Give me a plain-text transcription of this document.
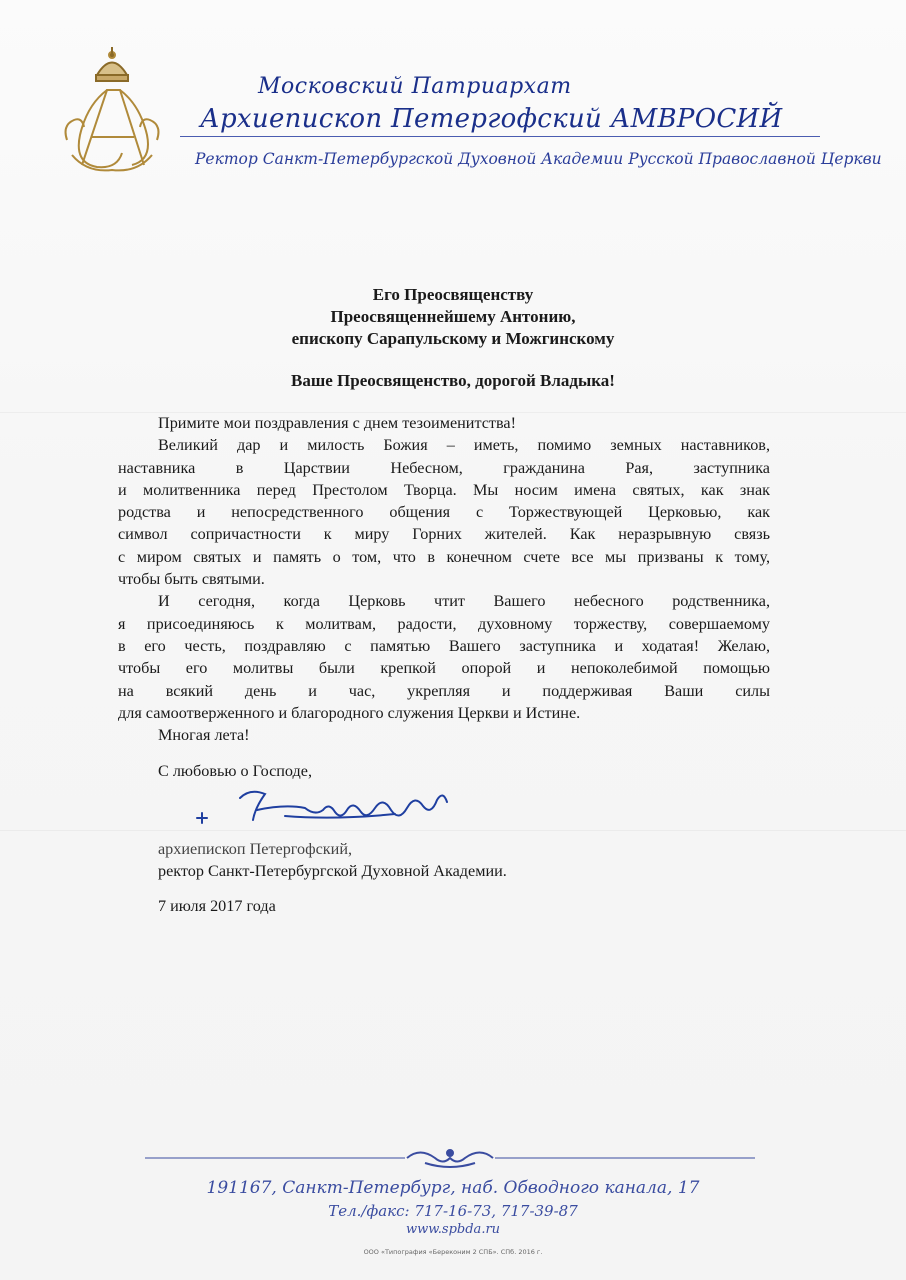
Московский Патриархат
Архиепископ Петергофский АМВРОСИЙ
Ректор Санкт-Петербургской Духовной Академии Русской Православной Церкви
Его Преосвященству
Преосвященнейшему Антонию,
епископу Сарапульскому и Можгинскому
Ваше Преосвященство, дорогой Владыка!
Примите мои поздравления с днем тезоименитства!
Великий дар и милость Божия – иметь, помимо земных наставников,
наставника в Царствии Небесном, гражданина Рая, заступника
и молитвенника перед Престолом Творца. Мы носим имена святых, как знак
родства и непосредственного общения с Торжествующей Церковью, как
символ сопричастности к миру Горних жителей. Как неразрывную связь
с миром святых и память о том, что в конечном счете все мы призваны к тому,
чтобы быть святыми.
И сегодня, когда Церковь чтит Вашего небесного родственника,
я присоединяюсь к молитвам, радости, духовному торжеству, совершаемому
в его честь, поздравляю с памятью Вашего заступника и ходатая! Желаю,
чтобы его молитвы были крепкой опорой и непоколебимой помощью
на всякий день и час, укрепляя и поддерживая Ваши силы
для самоотверженного и благородного служения Церкви и Истине.
Многая лета!
С любовью о Господе,
архиепископ Петергофский,
ректор Санкт-Петербургской Духовной Академии.
7 июля 2017 года
191167, Санкт-Петербург, наб. Обводного канала, 17
Тел./факс: 717-16-73, 717-39-87
www.spbda.ru
ООО «Типография «Береконим 2 СПБ». СПб. 2016 г.
